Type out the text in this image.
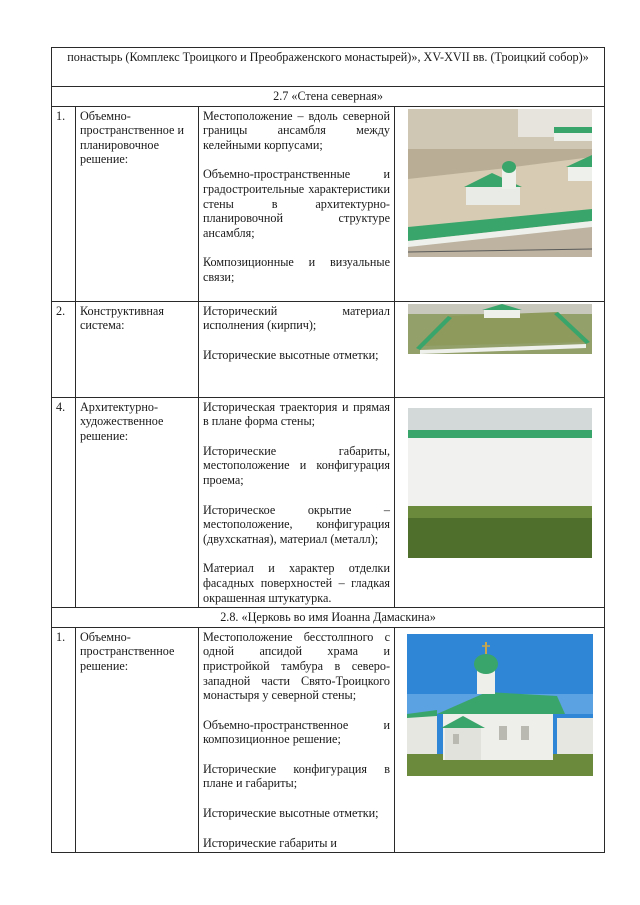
понастырь (Комплекс Троицкого и Преображенского монастырей)», XV-XVII вв. (Троицкий собор)»			
2.7 «Стена северная»			
1.	Объемно-пространственное и планировочное решение:	Местоположение – вдоль северной границы ансамбля между келейными корпусами;

Объемно-пространственные и градостроительные характеристики стены в архитектурно-планировочной структуре ансамбля;

Композиционные и визуальные связи;

2.	Конструктивная система:	Исторический материал исполнения (кирпич);

Исторические высотные отметки;

4.	Архитектурно-художественное решение:	Историческая траектория и прямая в плане форма стены;

Исторические габариты, местоположение и конфигурация проема;

Историческое окрытие – местоположение, конфигурация (двухскатная), материал (металл);

Материал и характер отделки фасадных поверхностей – гладкая окрашенная штукатурка.

2.8. «Церковь во имя Иоанна Дамаскина»			
1.	Объемно-пространственное решение:	Местоположение бесстолпного с одной апсидой храма и пристройкой тамбура в северо-западной части Свято-Троицкого монастыря у северной стены;

Объемно-пространственное и композиционное решение;

Исторические конфигурация в плане и габариты;

Исторические высотные отметки;

Исторические габариты и
